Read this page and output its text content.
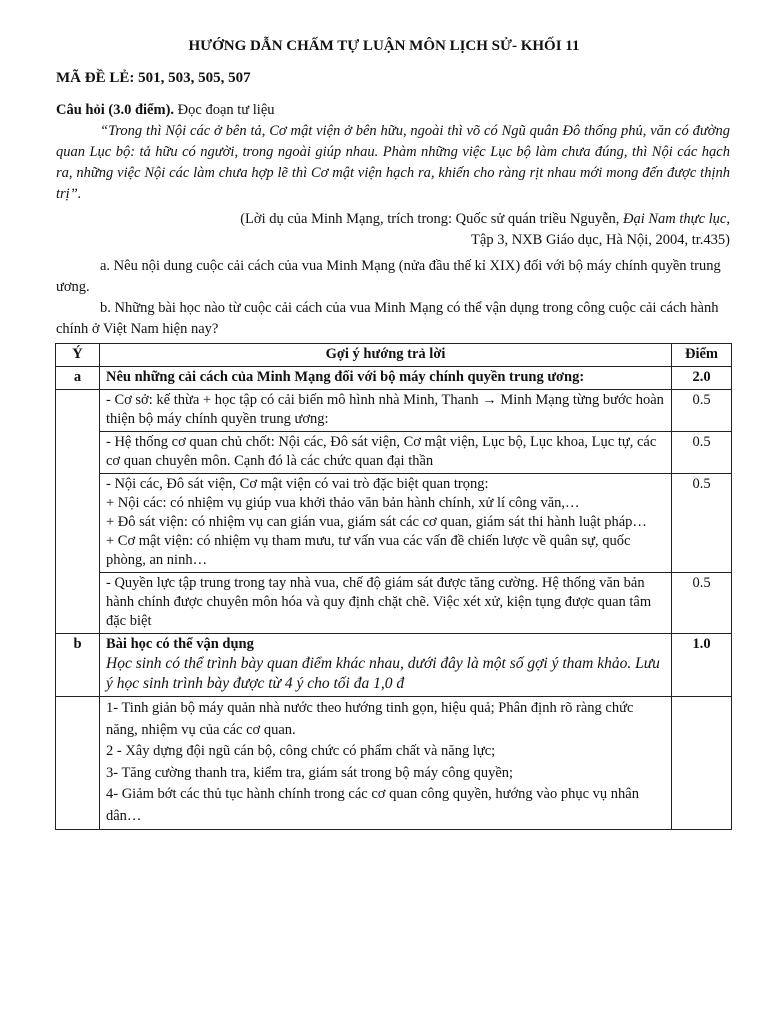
HƯỚNG DẪN CHẤM TỰ LUẬN MÔN LỊCH SỬ- KHỐI 11
MÃ ĐỀ LẺ: 501, 503, 505, 507
Câu hỏi (3.0 điểm). Đọc đoạn tư liệu
“Trong thì Nội các ở bên tả, Cơ mật viện ở bên hữu, ngoài thì võ có Ngũ quân Đô thống phủ, văn có đường quan Lục bộ: tả hữu có người, trong ngoài giúp nhau. Phàm những việc Lục bộ làm chưa đúng, thì Nội các hạch ra, những việc Nội các làm chưa hợp lẽ thì Cơ mật viện hạch ra, khiến cho ràng rịt nhau mới mong đến được thịnh trị”.
(Lời dụ của Minh Mạng, trích trong: Quốc sử quán triều Nguyễn, Đại Nam thực lục,
Tập 3, NXB Giáo dục, Hà Nội, 2004, tr.435)
a. Nêu nội dung cuộc cải cách của vua Minh Mạng (nửa đầu thế kỉ XIX) đối với bộ máy chính quyền trung ương.
b. Những bài học nào từ cuộc cải cách của vua Minh Mạng có thể vận dụng trong công cuộc cải cách hành chính ở Việt Nam hiện nay?
Ý	Gợi ý hướng trả lời	Điểm
a	Nêu những cải cách của Minh Mạng đối với bộ máy chính quyền trung ương:	2.0
	- Cơ sở: kế thừa + học tập có cải biến mô hình nhà Minh, Thanh → Minh Mạng từng bước hoàn thiện bộ máy chính quyền trung ương:	0.5
	- Hệ thống cơ quan chủ chốt: Nội các, Đô sát viện, Cơ mật viện, Lục bộ, Lục khoa, Lục tự, các cơ quan chuyên môn. Cạnh đó là các chức quan đại thần	0.5

	- Nội các, Đô sát viện, Cơ mật viện có vai trò đặc biệt quan trọng:
+ Nội các: có nhiệm vụ giúp vua khởi thảo văn bản hành chính, xử lí công văn,…
+ Đô sát viện: có nhiệm vụ can gián vua, giám sát các cơ quan, giám sát thi hành luật pháp…
+ Cơ mật viện: có nhiệm vụ tham mưu, tư vấn vua các vấn đề chiến lược về quân sự, quốc phòng, an ninh…	0.5
	- Quyền lực tập trung trong tay nhà vua, chế độ giám sát được tăng cường. Hệ thống văn bản hành chính được chuyên môn hóa và quy định chặt chẽ. Việc xét xử, kiện tụng được quan tâm đặc biệt	0.5
b	Bài học có thể vận dụng
Học sinh có thể trình bày quan điểm khác nhau, dưới đây là một số gợi ý tham khảo. Lưu ý học sinh trình bày được từ 4 ý cho tối đa 1,0 đ	1.0

	1- Tinh giản bộ máy quản nhà nước theo hướng tinh gọn, hiệu quả; Phân định rõ ràng chức năng, nhiệm vụ của các cơ quan.
2 - Xây dựng đội ngũ cán bộ, công chức có phẩm chất và năng lực;
3- Tăng cường thanh tra, kiểm tra, giám sát trong bộ máy công quyền;
4- Giảm bớt các thủ tục hành chính trong các cơ quan công quyền, hướng vào phục vụ nhân dân…	
